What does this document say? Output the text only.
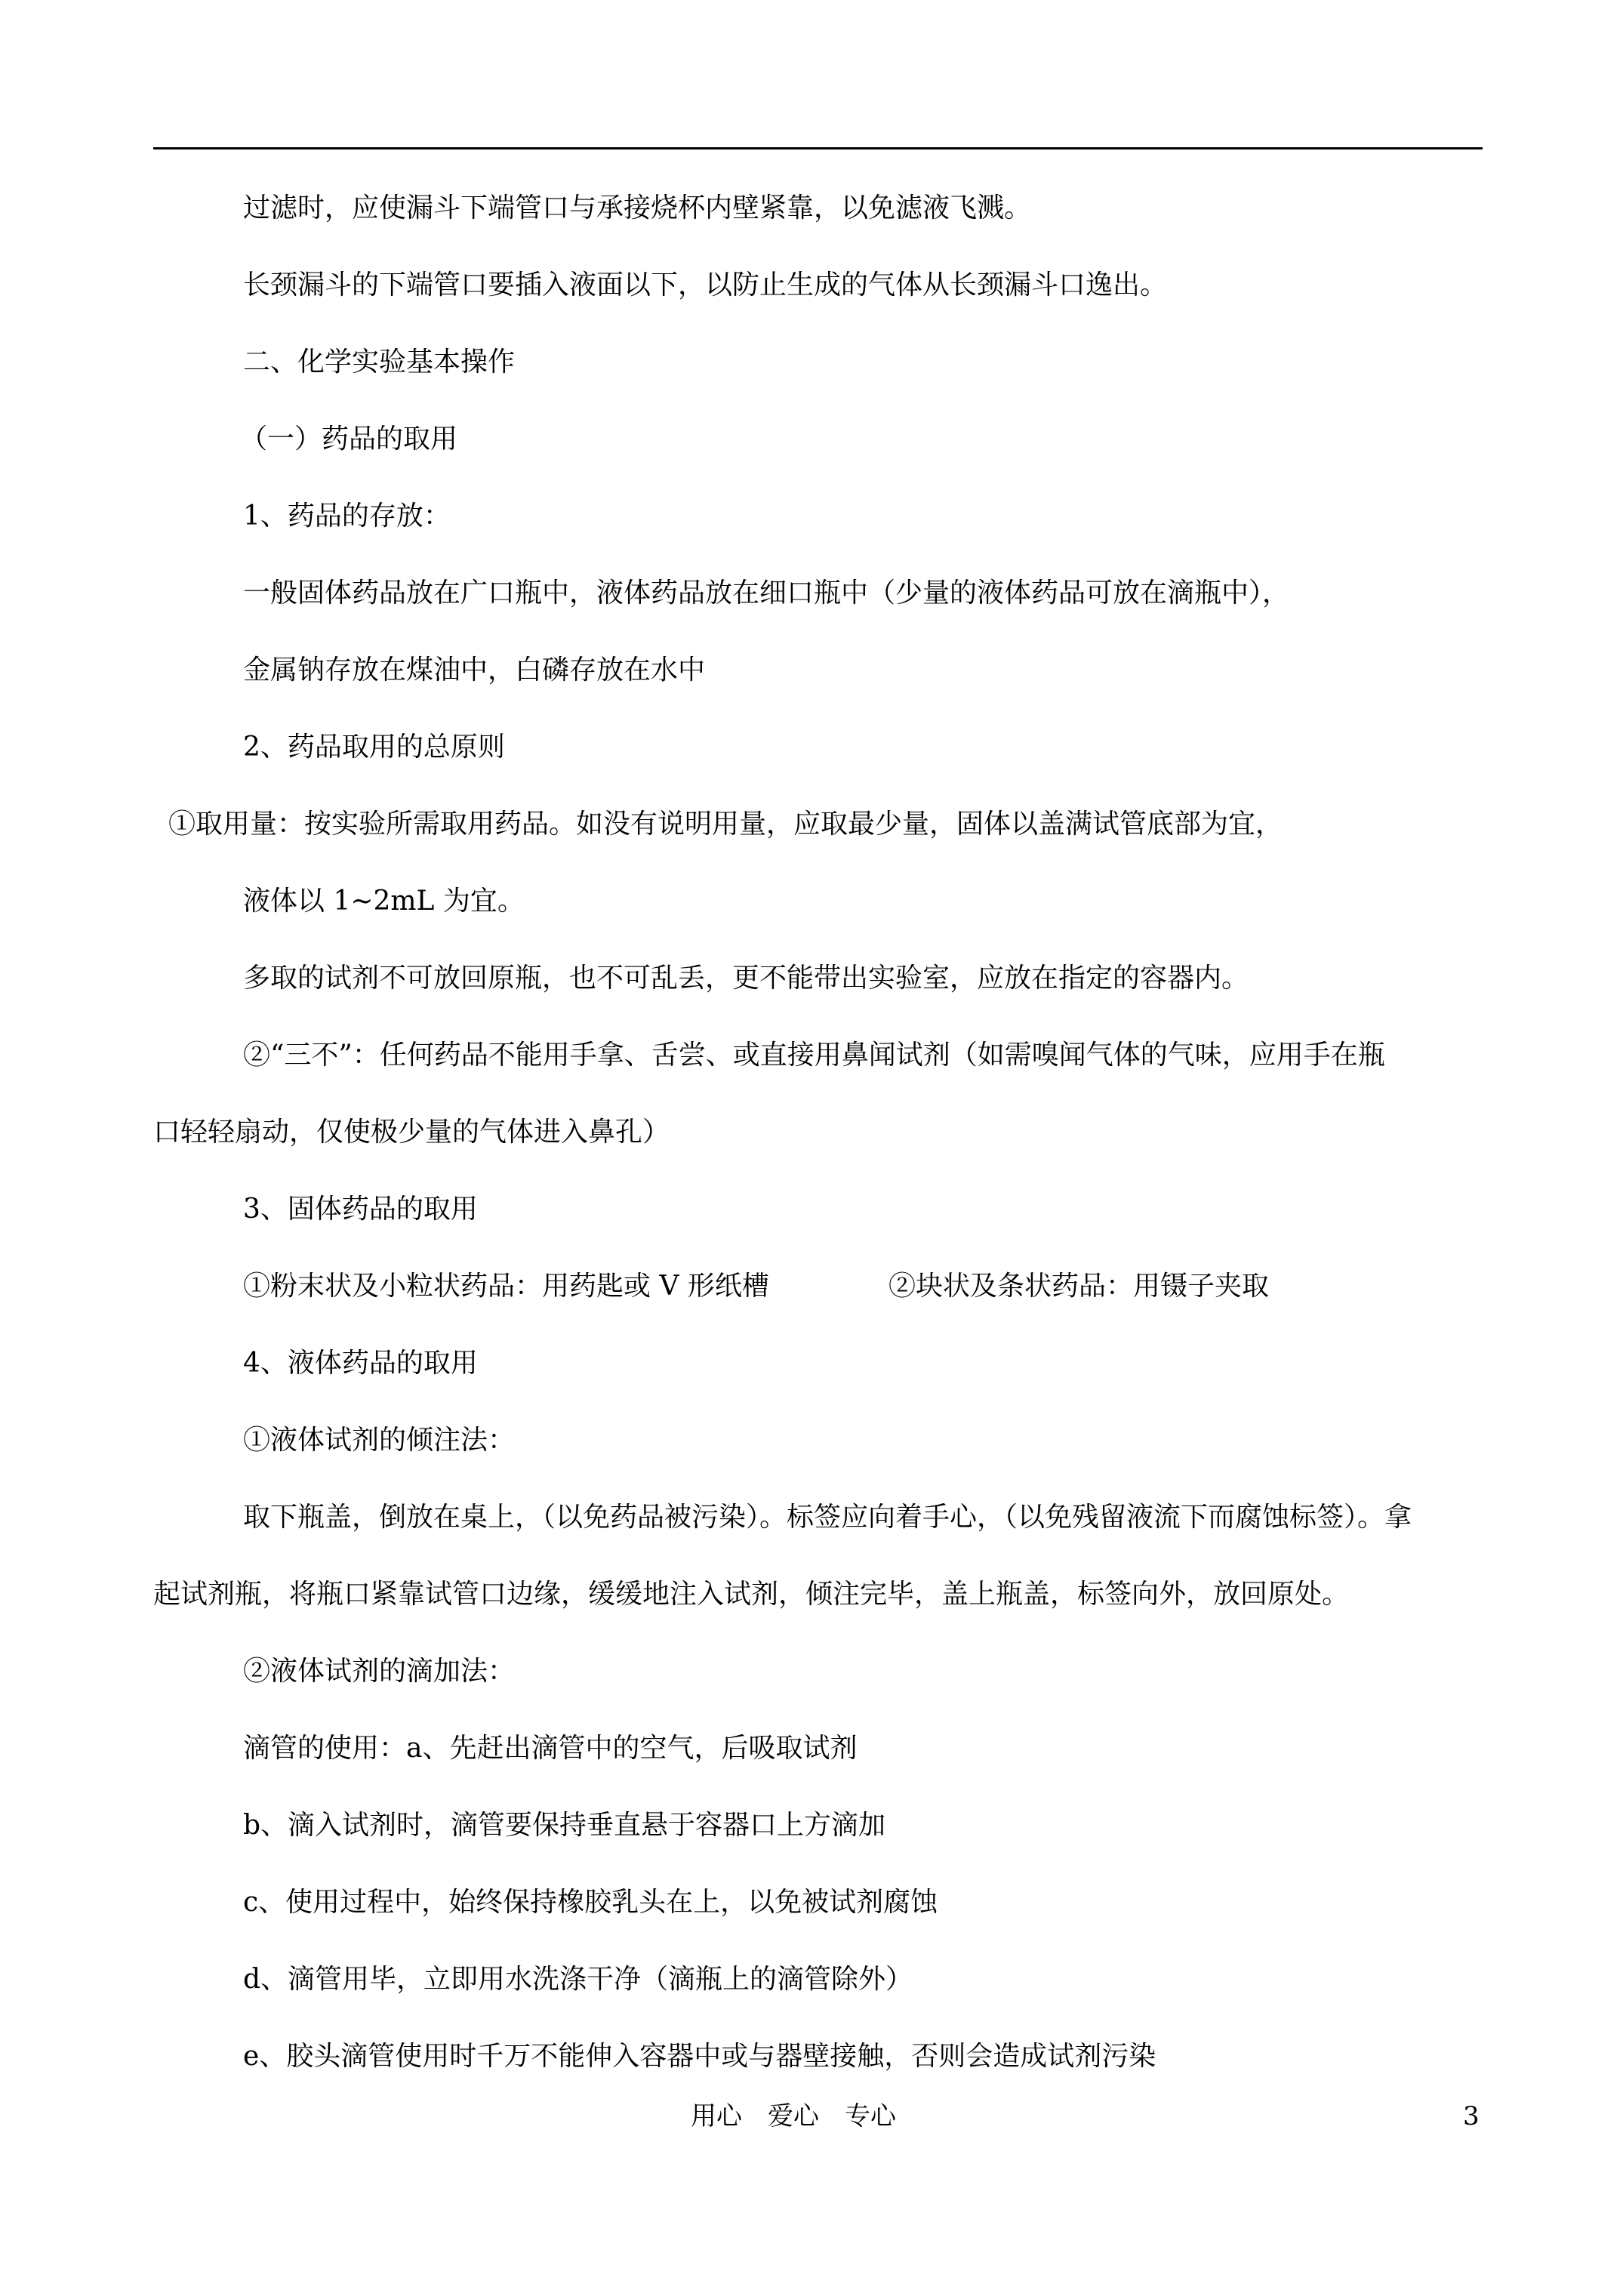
过滤时，应使漏斗下端管口与承接烧杯内壁紧靠，以免滤液飞溅。

长颈漏斗的下端管口要插入液面以下，以防止生成的气体从长颈漏斗口逸出。

二、化学实验基本操作

（一）药品的取用

1、药品的存放：

一般固体药品放在广口瓶中，液体药品放在细口瓶中（少量的液体药品可放在滴瓶中），

金属钠存放在煤油中，白磷存放在水中

2、药品取用的总原则

①取用量：按实验所需取用药品。如没有说明用量，应取最少量，固体以盖满试管底部为宜，

液体以 1~2mL 为宜。

多取的试剂不可放回原瓶，也不可乱丢，更不能带出实验室，应放在指定的容器内。

②“三不”：任何药品不能用手拿、舌尝、或直接用鼻闻试剂（如需嗅闻气体的气味，应用手在瓶

口轻轻扇动，仅使极少量的气体进入鼻孔）

3、固体药品的取用

①粉末状及小粒状药品：用药匙或 V 形纸槽	②块状及条状药品：用镊子夹取

4、液体药品的取用

①液体试剂的倾注法：

取下瓶盖，倒放在桌上，（以免药品被污染）。标签应向着手心，（以免残留液流下而腐蚀标签）。拿

起试剂瓶，将瓶口紧靠试管口边缘，缓缓地注入试剂，倾注完毕，盖上瓶盖，标签向外，放回原处。

②液体试剂的滴加法：

滴管的使用：a、先赶出滴管中的空气，后吸取试剂

b、滴入试剂时，滴管要保持垂直悬于容器口上方滴加

c、使用过程中，始终保持橡胶乳头在上，以免被试剂腐蚀

d、滴管用毕，立即用水洗涤干净（滴瓶上的滴管除外）

e、胶头滴管使用时千万不能伸入容器中或与器壁接触，否则会造成试剂污染

用心　爱心　专心	3
